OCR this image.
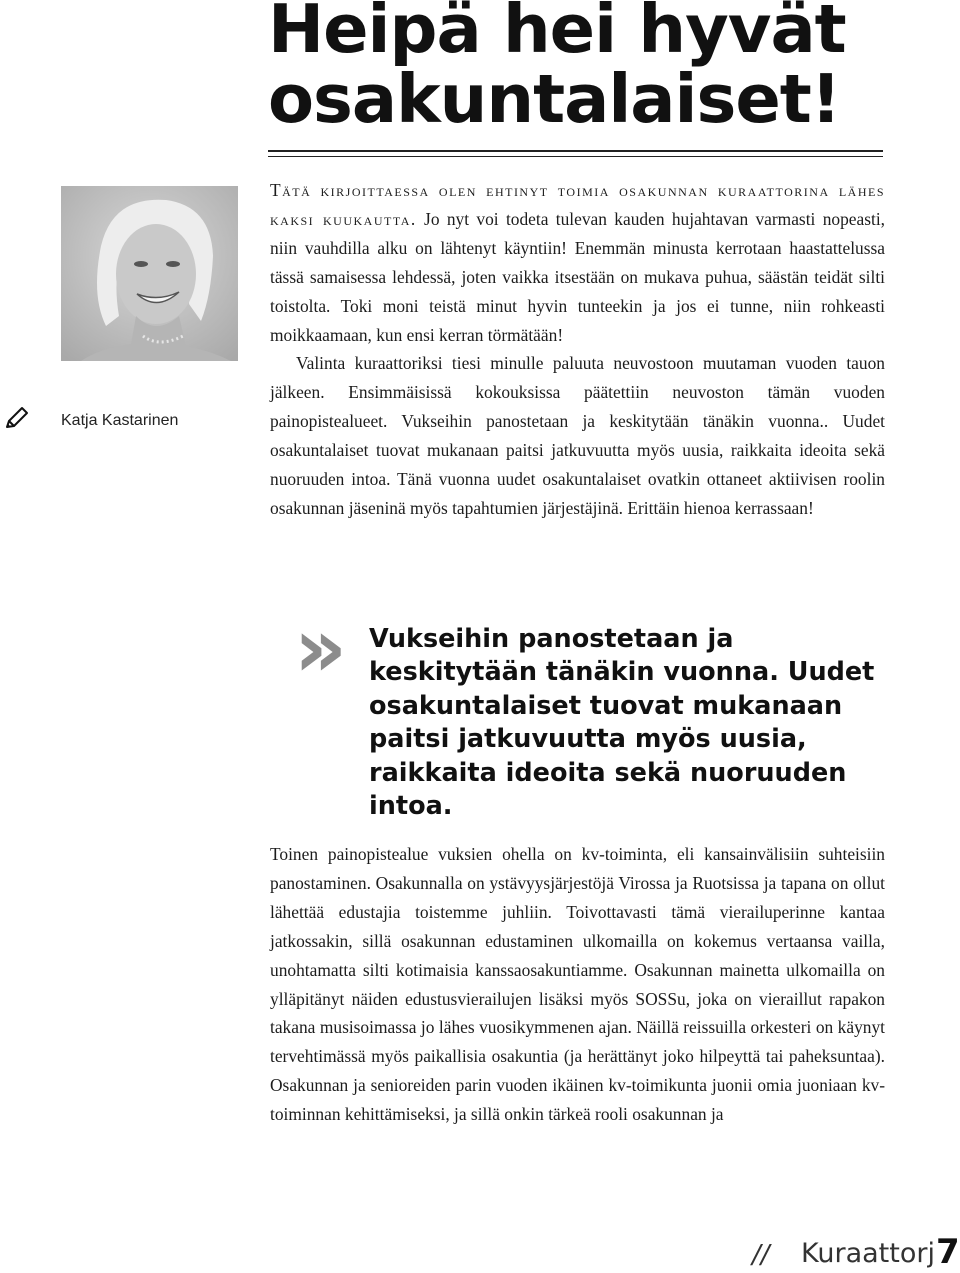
Heipä hei hyvät osakuntalaiset!
Katja Kastarinen

Tätä kirjoittaessa olen ehtinyt toimia osakunnan kuraattorina lähes kaksi kuukautta. Jo nyt voi todeta tulevan kauden hujahtavan varmasti nopeasti, niin vauhdilla alku on lähtenyt käyntiin! Enemmän minusta kerrotaan haastattelussa tässä samaisessa lehdessä, joten vaikka itsestään on mukava puhua, säästän teidät silti toistolta. Toki moni teistä minut hyvin tunteekin ja jos ei tunne, niin rohkeasti moikkaamaan, kun ensi kerran törmätään!

Valinta kuraattoriksi tiesi minulle paluuta neuvostoon muutaman vuoden tauon jälkeen. Ensimmäisissä kokouksissa päätettiin neuvoston tämän vuoden painopistealueet. Vukseihin panostetaan ja keskitytään tänäkin vuonna.. Uudet osakuntalaiset tuovat mukanaan paitsi jatkuvuutta myös uusia, raikkaita ideoita sekä nuoruuden intoa. Tänä vuonna uudet osakuntalaiset ovatkin ottaneet aktiivisen roolin osakunnan jäseninä myös tapahtumien järjestäjinä. Erittäin hienoa kerrassaan!

» Vukseihin panostetaan ja keskitytään tänäkin vuonna. Uudet osakuntalaiset tuovat mukanaan paitsi jatkuvuutta myös uusia, raikkaita ideoita sekä nuoruuden intoa.

Toinen painopistealue vuksien ohella on kv-toiminta, eli kansainvälisiin suhteisiin panostaminen. Osakunnalla on ystävyysjärjestöjä Virossa ja Ruotsissa ja tapana on ollut lähettää edustajia toistemme juhliin. Toivottavasti tämä vierailuperinne kantaa jatkossakin, sillä osakunnan edustaminen ulkomailla on kokemus vertaansa vailla, unohtamatta silti kotimaisia kanssaosakuntiamme. Osakunnan mainetta ulkomailla on ylläpitänyt näiden edustusvierailujen lisäksi myös SOSSu, joka on vieraillut rapakon takana musisoimassa jo lähes vuosikymmenen ajan. Näillä reissuilla orkesteri on käynyt tervehtimässä myös paikallisia osakuntia (ja herättänyt joko hilpeyttä tai paheksuntaa). Osakunnan ja senioreiden parin vuoden ikäinen kv-toimikunta juonii omia juoniaan kv-toiminnan kehittämiseksi, ja sillä onkin tärkeä rooli osakunnan ja

// Kuraattorj 7
